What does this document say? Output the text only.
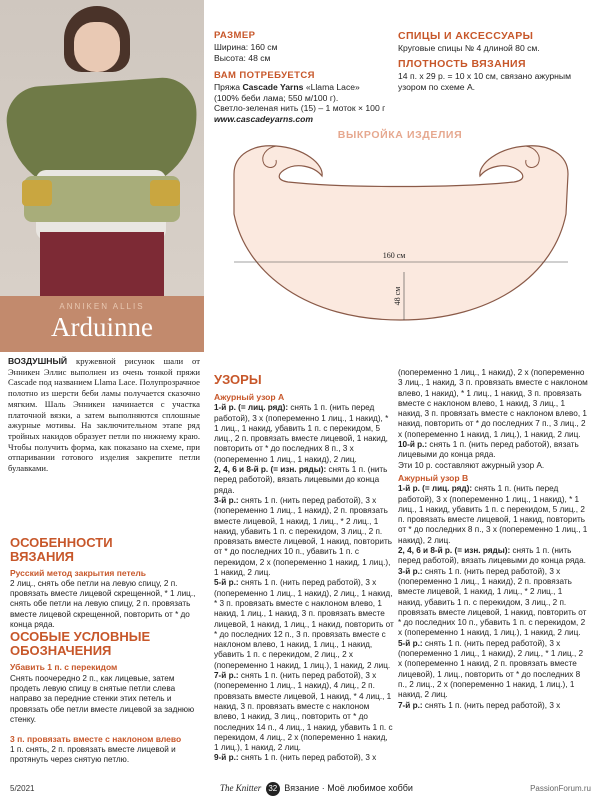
ANNIKEN ALLIS
Arduinne
ВОЗДУШНЫЙ кружевной рисунок шали от Энникен Эллис выполнен из очень тонкой пряжи Cascade под названием Llama Lace. Полупрозрачное полотно из шерсти беби ламы получается сказочно мягким. Шаль Энникен начинается с участка платочной вязки, а затем выполняются сплошные ажурные мотивы. На заключительном этапе ряд тройных накидов образует петли по нижнему краю. Чтобы получить форма, как показано на схеме, при отпаривании готового изделия закрепите петли булавками.
ОСОБЕННОСТИ
ВЯЗАНИЯ
Русский метод закрытия петель
2 лиц., снять обе петли на левую спицу, 2 п. провязать вместе лицевой скрещенной, * 1 лиц., снять обе петли на левую спицу, 2 п. провязать вместе лицевой скрещенной, повторить от * до конца ряда.
ОСОБЫЕ УСЛОВНЫЕ
ОБОЗНАЧЕНИЯ
Убавить 1 п. с перекидом
Снять поочередно 2 п., как лицевые, затем продеть левую спицу в снятые петли слева направо за передние стенки этих петель и провязать обе петли вместе лицевой за заднюю стенку.
3 п. провязать вместе с наклоном влево
1 п. снять, 2 п. провязать вместе лицевой и протянуть через снятую петлю.
РАЗМЕР
Ширина: 160 см
Высота: 48 см
ВАМ ПОТРЕБУЕТСЯ
Пряжа Cascade Yarns «Llama Lace»
(100% беби лама; 550 м/100 г).
Светло-зеленая нить (15) – 1 моток × 100 г
www.cascadeyarns.com
СПИЦЫ И АКСЕССУАРЫ
Круговые спицы № 4 длиной 80 см.
ПЛОТНОСТЬ ВЯЗАНИЯ
14 п. х 29 р. = 10 х 10 см, связано ажурным узором по схеме А.
ВЫКРОЙКА ИЗДЕЛИЯ
160 см
48 см
УЗОРЫ
Ажурный узор А
1-й р. (= лиц. ряд): снять 1 п. (нить перед работой), 3 х (попеременно 1 лиц., 1 накид), * 1 лиц., 1 накид, убавить 1 п. с перекидом, 5 лиц., 2 п. провязать вместе лицевой, 1 накид, повторить от * до последних 8 п., 3 х (попеременно 1 лиц., 1 накид), 2 лиц.
2, 4, 6 и 8-й р. (= изн. ряды): снять 1 п. (нить перед работой), вязать лицевыми до конца ряда.
3-й р.: снять 1 п. (нить перед работой), 3 х (попеременно 1 лиц., 1 накид), 2 п. провязать вместе лицевой, 1 накид, 1 лиц., * 2 лиц., 1 накид, убавить 1 п. с перекидом, 3 лиц., 2 п. провязать вместе лицевой, 1 накид, повторить от * до последних 10 п., убавить 1 п. с перекидом, 2 х (попеременно 1 накид, 1 лиц.), 1 накид, 2 лиц.
5-й р.: снять 1 п. (нить перед работой), 3 х (попеременно 1 лиц., 1 накид), 2 лиц., 1 накид, * 3 п. провязать вместе с наклоном влево, 1 накид, 1 лиц., 1 накид, 3 п. провязать вместе лицевой, 1 накид, 1 лиц., 1 накид, повторить от * до последних 12 п., 3 п. провязать вместе с наклоном влево, 1 накид, 1 лиц., 1 накид, убавить 1 п. с перекидом, 2 лиц., 2 х (попеременно 1 накид, 1 лиц.), 1 накид, 2 лиц.
7-й р.: снять 1 п. (нить перед работой), 3 х (попеременно 1 лиц., 1 накид), 4 лиц., 2 п. провязать вместе лицевой, 1 накид, * 4 лиц., 1 накид, 3 п. провязать вместе с наклоном влево, 1 накид, 3 лиц., повторить от * до последних 14 п., 4 лиц., 1 накид, убавить 1 п. с перекидом, 4 лиц., 2 х (попеременно 1 накид, 1 лиц.), 1 накид, 2 лиц.
9-й р.: снять 1 п. (нить перед работой), 3 х
(попеременно 1 лиц., 1 накид), 2 х (попеременно 3 лиц., 1 накид, 3 п. провязать вместе с наклоном влево, 1 накид), * 1 лиц., 1 накид, 3 п. провязать вместе с наклоном влево, 1 накид, 3 лиц., 1 накид, 3 п. провязать вместе с наклоном влево, 1 накид, повторить от * до последних 7 п., 3 лиц., 2 х (попеременно 1 накид, 1 лиц.), 1 накид, 2 лиц.
10-й р.: снять 1 п. (нить перед работой), вязать лицевыми до конца ряда.
Эти 10 р. составляют ажурный узор А.
Ажурный узор В
1-й р. (= лиц. ряд): снять 1 п. (нить перед работой), 3 х (попеременно 1 лиц., 1 накид), * 1 лиц., 1 накид, убавить 1 п. с перекидом, 5 лиц., 2 п. провязать вместе лицевой, 1 накид, повторить от * до последних 8 п., 3 х (попеременно 1 лиц., 1 накид), 2 лиц.
2, 4, 6 и 8-й р. (= изн. ряды): снять 1 п. (нить перед работой), вязать лицевыми до конца ряда.
3-й р.: снять 1 п. (нить перед работой), 3 х (попеременно 1 лиц., 1 накид), 2 п. провязать вместе лицевой, 1 накид, 1 лиц., * 2 лиц., 1 накид, убавить 1 п. с перекидом, 3 лиц., 2 п. провязать вместе лицевой, 1 накид, повторить от * до последних 10 п., убавить 1 п. с перекидом, 2 х (попеременно 1 накид, 1 лиц.), 1 накид, 2 лиц.
5-й р.: снять 1 п. (нить перед работой), 3 х (попеременно 1 лиц., 1 накид), 2 лиц., * 1 лиц., 2 х (попеременно 1 накид, 2 п. провязать вместе лицевой), 1 лиц., повторить от * до последних 8 п., 2 лиц., 2 х (попеременно 1 накид, 1 лиц.), 1 накид, 2 лиц.
7-й р.: снять 1 п. (нить перед работой), 3 х
5/2021	The Knitter 32 Вязание · Моё любимое хобби	PassionForum.ru
